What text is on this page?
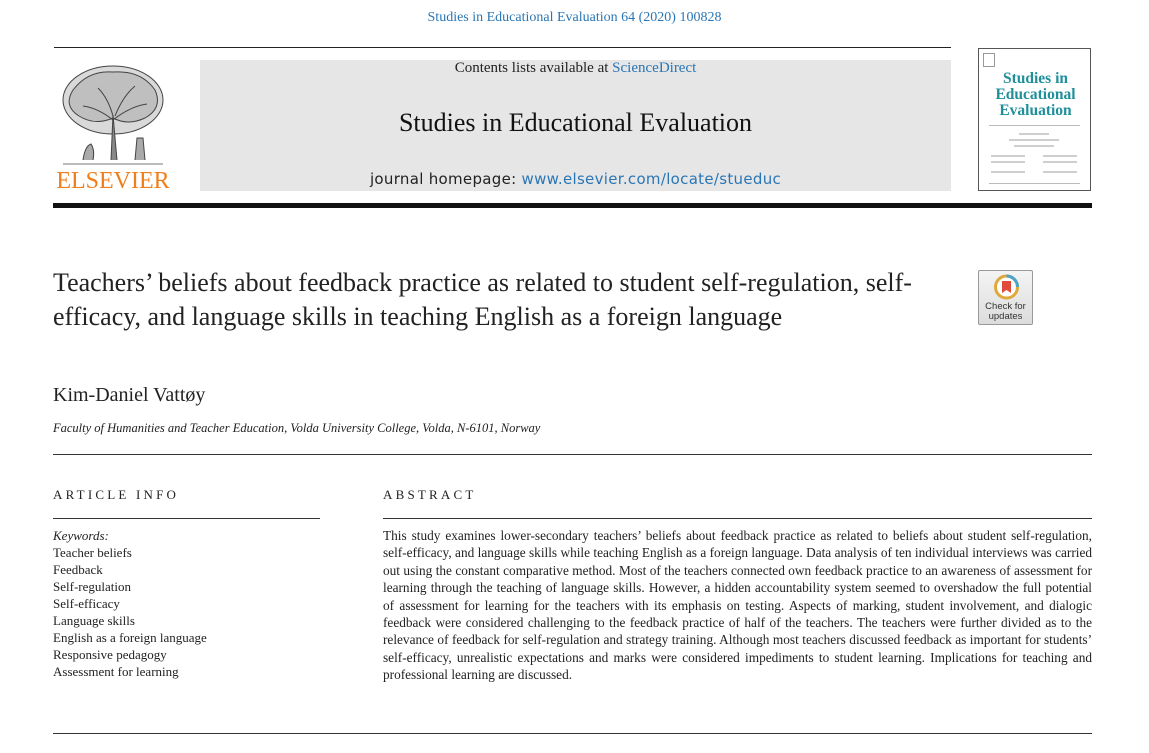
Studies in Educational Evaluation 64 (2020) 100828
ELSEVIER
Contents lists available at ScienceDirect
Studies in Educational Evaluation
journal homepage: www.elsevier.com/locate/stueduc
Studies in Educational Evaluation
Teachers’ beliefs about feedback practice as related to student self-regulation, self-efficacy, and language skills in teaching English as a foreign language	Check for updates
Kim-Daniel Vattøy
Faculty of Humanities and Teacher Education, Volda University College, Volda, N-6101, Norway
ARTICLE INFO
Keywords:
Teacher beliefs
Feedback
Self-regulation
Self-efficacy
Language skills
English as a foreign language
Responsive pedagogy
Assessment for learning
ABSTRACT
This study examines lower-secondary teachers’ beliefs about feedback practice as related to beliefs about student self-regulation, self-efficacy, and language skills while teaching English as a foreign language. Data analysis of ten individual interviews was carried out using the constant comparative method. Most of the teachers connected own feedback practice to an awareness of assessment for learning through the teaching of language skills. However, a hidden accountability system seemed to overshadow the full potential of assessment for learning for the teachers with its emphasis on testing. Aspects of marking, student involvement, and dialogic feedback were considered challenging to the feedback practice of half of the teachers. The teachers were further divided as to the relevance of feedback for self-regulation and strategy training. Although most teachers discussed feedback as important for students’ self-efficacy, unrealistic expectations and marks were considered impediments to student learning. Implications for teaching and professional learning are discussed.
